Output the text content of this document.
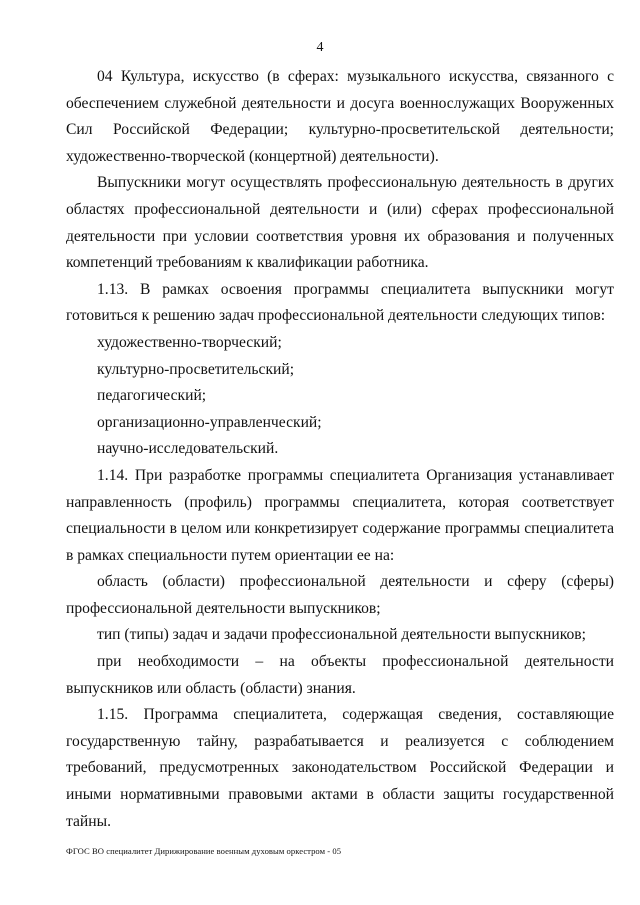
4

04 Культура, искусство (в сферах: музыкального искусства, связанного с обеспечением служебной деятельности и досуга военнослужащих Вооруженных Сил Российской Федерации; культурно-просветительской деятельности; художественно-творческой (концертной) деятельности).

Выпускники могут осуществлять профессиональную деятельность в других областях профессиональной деятельности и (или) сферах профессиональной деятельности при условии соответствия уровня их образования и полученных компетенций требованиям к квалификации работника.

1.13. В рамках освоения программы специалитета выпускники могут готовиться к решению задач профессиональной деятельности следующих типов:

художественно-творческий;

культурно-просветительский;

педагогический;

организационно-управленческий;

научно-исследовательский.

1.14. При разработке программы специалитета Организация устанавливает направленность (профиль) программы специалитета, которая соответствует специальности в целом или конкретизирует содержание программы специалитета в рамках специальности путем ориентации ее на:

область (области) профессиональной деятельности и сферу (сферы) профессиональной деятельности выпускников;

тип (типы) задач и задачи профессиональной деятельности выпускников;

при необходимости – на объекты профессиональной деятельности выпускников или область (области) знания.

1.15. Программа специалитета, содержащая сведения, составляющие государственную тайну, разрабатывается и реализуется с соблюдением требований, предусмотренных законодательством Российской Федерации и иными нормативными правовыми актами в области защиты государственной тайны.

ФГОС ВО специалитет Дирижирование военным духовым оркестром - 05
